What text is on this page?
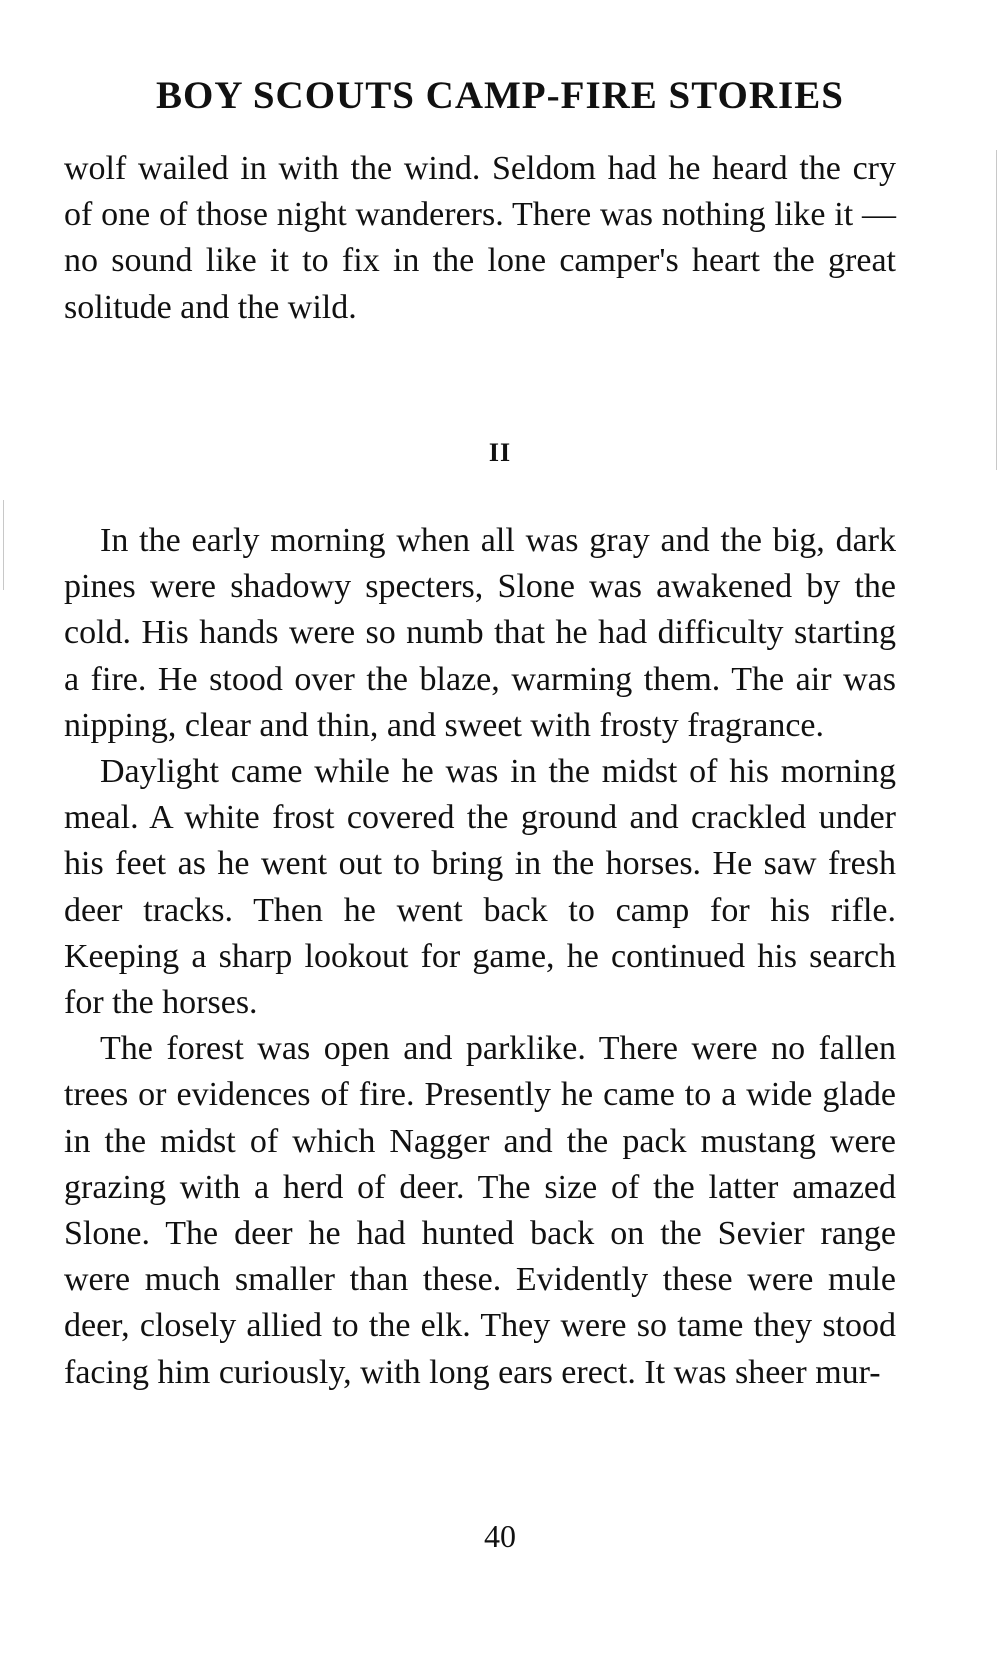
BOY SCOUTS CAMP-FIRE STORIES

wolf wailed in with the wind. Seldom had he heard the cry of one of those night wanderers. There was nothing like it — no sound like it to fix in the lone camper's heart the great solitude and the wild.

II

In the early morning when all was gray and the big, dark pines were shadowy specters, Slone was awakened by the cold. His hands were so numb that he had difficulty starting a fire. He stood over the blaze, warming them. The air was nipping, clear and thin, and sweet with frosty fragrance.

Daylight came while he was in the midst of his morning meal. A white frost covered the ground and crackled under his feet as he went out to bring in the horses. He saw fresh deer tracks. Then he went back to camp for his rifle. Keeping a sharp lookout for game, he continued his search for the horses.

The forest was open and parklike. There were no fallen trees or evidences of fire. Presently he came to a wide glade in the midst of which Nagger and the pack mustang were grazing with a herd of deer. The size of the latter amazed Slone. The deer he had hunted back on the Sevier range were much smaller than these. Evidently these were mule deer, closely allied to the elk. They were so tame they stood facing him curiously, with long ears erect. It was sheer mur-

40
